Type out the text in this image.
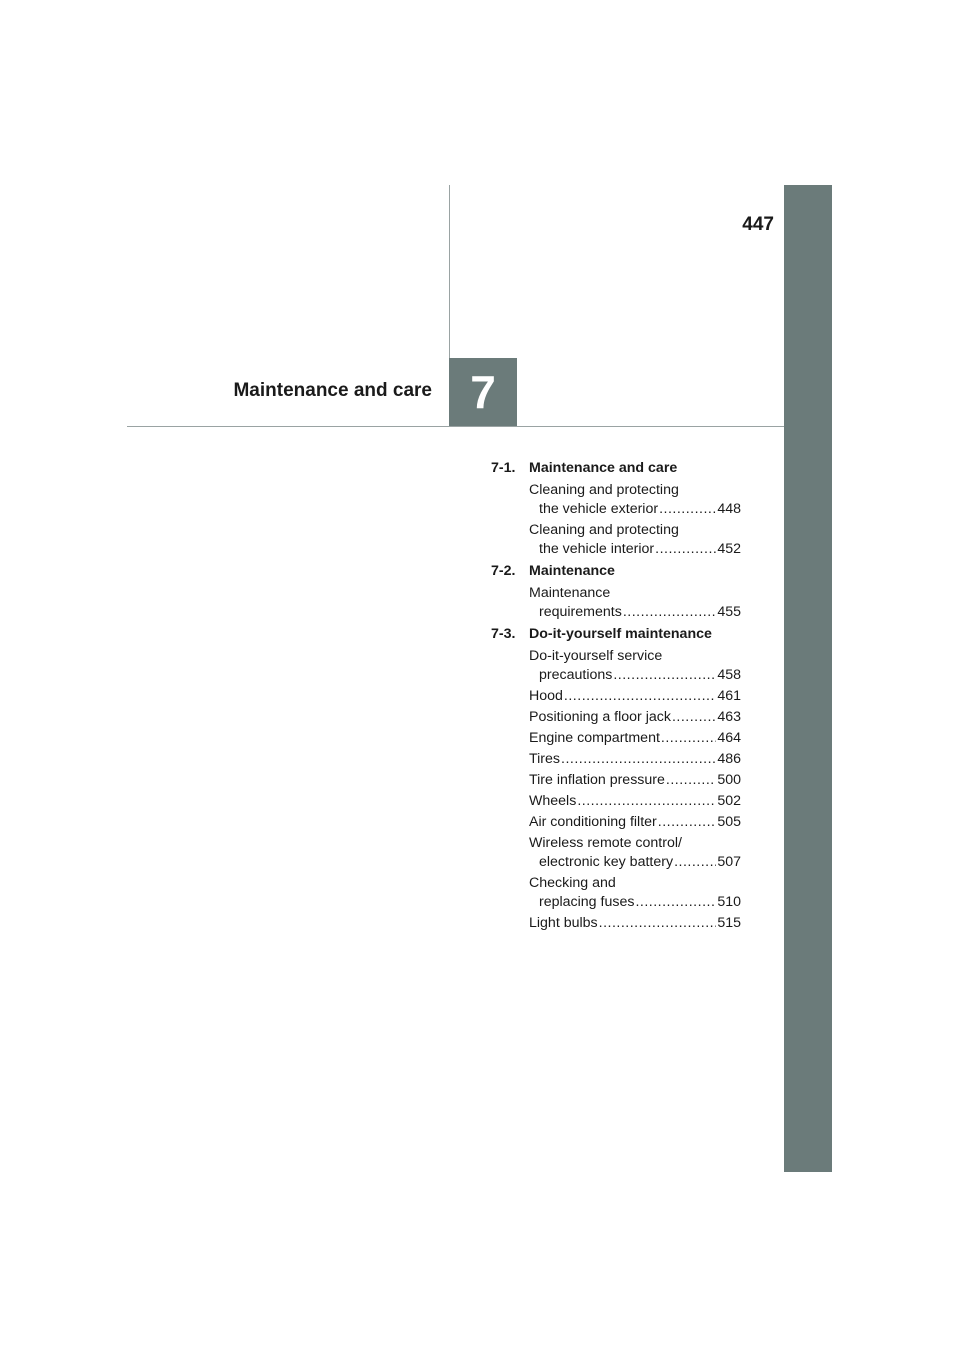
447
Maintenance and care 7
7-1. Maintenance and care
Cleaning and protecting
the vehicle exterior .....	448
Cleaning and protecting
the vehicle interior .....	452
7-2. Maintenance
Maintenance
requirements .....	455
7-3. Do-it-yourself maintenance
Do-it-yourself service
precautions .....	458
Hood .....	461
Positioning a floor jack .....	463
Engine compartment .....	464
Tires .....	486
Tire inflation pressure .....	500
Wheels .....	502
Air conditioning filter .....	505
Wireless remote control/
electronic key battery .....	507
Checking and
replacing fuses .....	510
Light bulbs .....	515
